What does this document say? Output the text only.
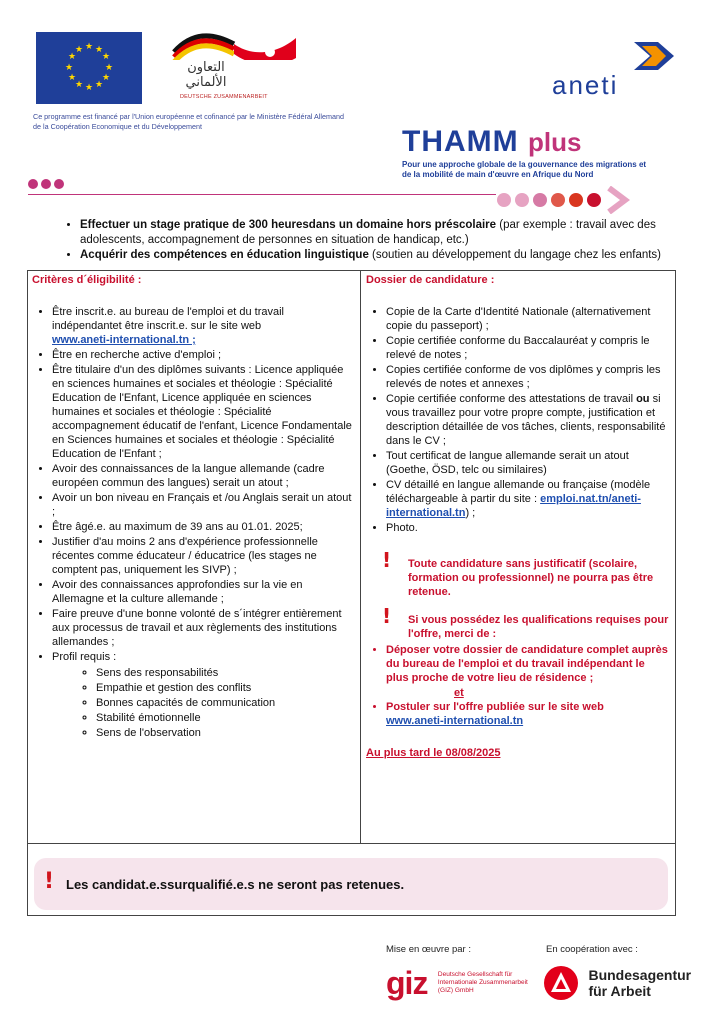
★ ★
★
★
★
★
★
★
★
★
★
★
التعاون الألماني
DEUTSCHE ZUSAMMENARBEIT
Ce programme est financé par l'Union européenne et cofinancé par le Ministère Fédéral Allemand de la Coopération Economique et du Développement
aneti
THAMM plus
Pour une approche globale de la gouvernance des migrations et de la mobilité de main d'œuvre en Afrique du Nord

• Effectuer un stage pratique de 300 heuresdans un domaine hors préscolaire (par exemple : travail avec des adolescents, accompagnement de personnes en situation de handicap, etc.)
• Acquérir des compétences en éducation linguistique (soutien au développement du langage chez les enfants)
Critères d´éligibilité :
• Être inscrit.e. au bureau de l'emploi et du travail indépendantet être inscrit.e. sur le site web
www.aneti-international.tn ;
• Être en recherche active d'emploi ;
• Être titulaire d'un des diplômes suivants : Licence appliquée en sciences humaines et sociales et théologie : Spécialité Education de l'Enfant, Licence appliquée en sciences humaines et sociales et théologie : Spécialité accompagnement éducatif de l'enfant, Licence Fondamentale en Sciences humaines et sociales et théologie : Spécialité Education de l'Enfant ;
• Avoir des connaissances de la langue allemande (cadre européen commun des langues) serait un atout ;
• Avoir un bon niveau en Français et /ou Anglais serait un atout ;
• Être âgé.e. au maximum de 39 ans au 01.01. 2025;
• Justifier d'au moins 2 ans d'expérience professionnelle récentes comme éducateur / éducatrice (les stages ne comptent pas, uniquement les SIVP) ;
• Avoir des connaissances approfondies sur la vie en Allemagne et la culture allemande ;
• Faire preuve d'une bonne volonté de s´intégrer entièrement aux processus de travail et aux règlements des institutions allemandes ;
• Profil requis :
◦ Sens des responsabilités
◦ Empathie et gestion des conflits
◦ Bonnes capacités de communication
◦ Stabilité émotionnelle
◦ Sens de l'observation
Dossier de candidature :
• Copie de la Carte d'Identité Nationale (alternativement copie du passeport) ;
• Copie certifiée conforme du Baccalauréat y compris le relevé de notes ;
• Copies certifiée conforme de vos diplômes y compris les relevés de notes et annexes ;
• Copie certifiée conforme des attestations de travail ou si vous travaillez pour votre propre compte, justification et description détaillée de vos tâches, clients, responsabilité dans le CV ;
• Tout certificat de langue allemande serait un atout (Goethe, ÖSD, telc ou similaires)
• CV détaillé en langue allemande ou française (modèle téléchargeable à partir du site : emploi.nat.tn/aneti-international.tn) ;
• Photo.
! Toute candidature sans justificatif (scolaire, formation ou professionnel) ne pourra pas être retenue.
! Si vous possédez les qualifications requises pour l'offre, merci de :
• Déposer votre dossier de candidature complet auprès du bureau de l'emploi et du travail indépendant le plus proche de votre lieu de résidence ;
et
• Postuler sur l'offre publiée sur le site web
www.aneti-international.tn
Au plus tard le 08/08/2025
! Les candidat.e.ssurqualifié.e.s ne seront pas retenues.
Mise en œuvre par :	En coopération avec :
giz Deutsche Gesellschaft für Internationale Zusammenarbeit (GIZ) GmbH
Bundesagentur
für Arbeit
